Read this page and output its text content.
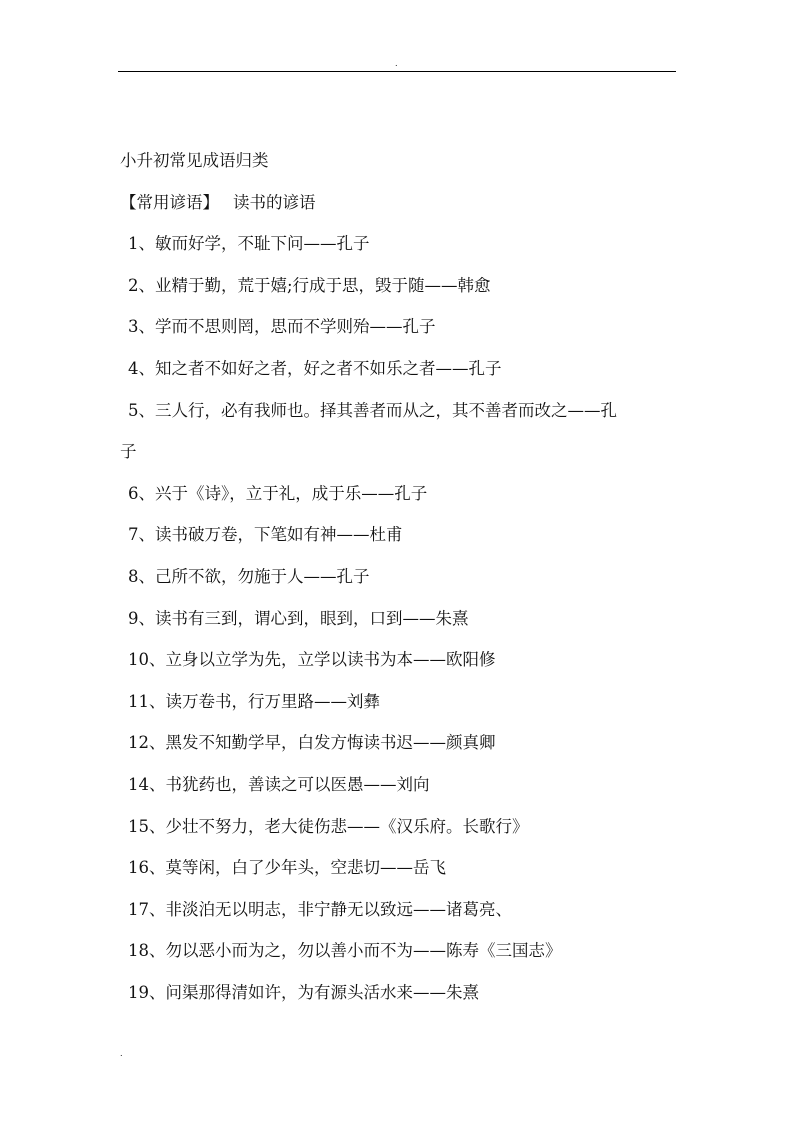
.
小升初常见成语归类
【常用谚语】 读书的谚语
1、敏而好学，不耻下问——孔子
2、业精于勤，荒于嬉;行成于思，毁于随——韩愈
3、学而不思则罔，思而不学则殆——孔子
4、知之者不如好之者，好之者不如乐之者——孔子
5、三人行，必有我师也。择其善者而从之，其不善者而改之——孔
子
6、兴于《诗》，立于礼，成于乐——孔子
7、读书破万卷，下笔如有神——杜甫
8、己所不欲，勿施于人——孔子
9、读书有三到，谓心到，眼到，口到——朱熹
10、立身以立学为先，立学以读书为本——欧阳修
11、读万卷书，行万里路——刘彝
12、黑发不知勤学早，白发方悔读书迟——颜真卿
14、书犹药也，善读之可以医愚——刘向
15、少壮不努力，老大徒伤悲——《汉乐府。长歌行》
16、莫等闲，白了少年头，空悲切——岳飞
17、非淡泊无以明志，非宁静无以致远——诸葛亮、
18、勿以恶小而为之，勿以善小而不为——陈寿《三国志》
19、问渠那得清如许，为有源头活水来——朱熹
.
